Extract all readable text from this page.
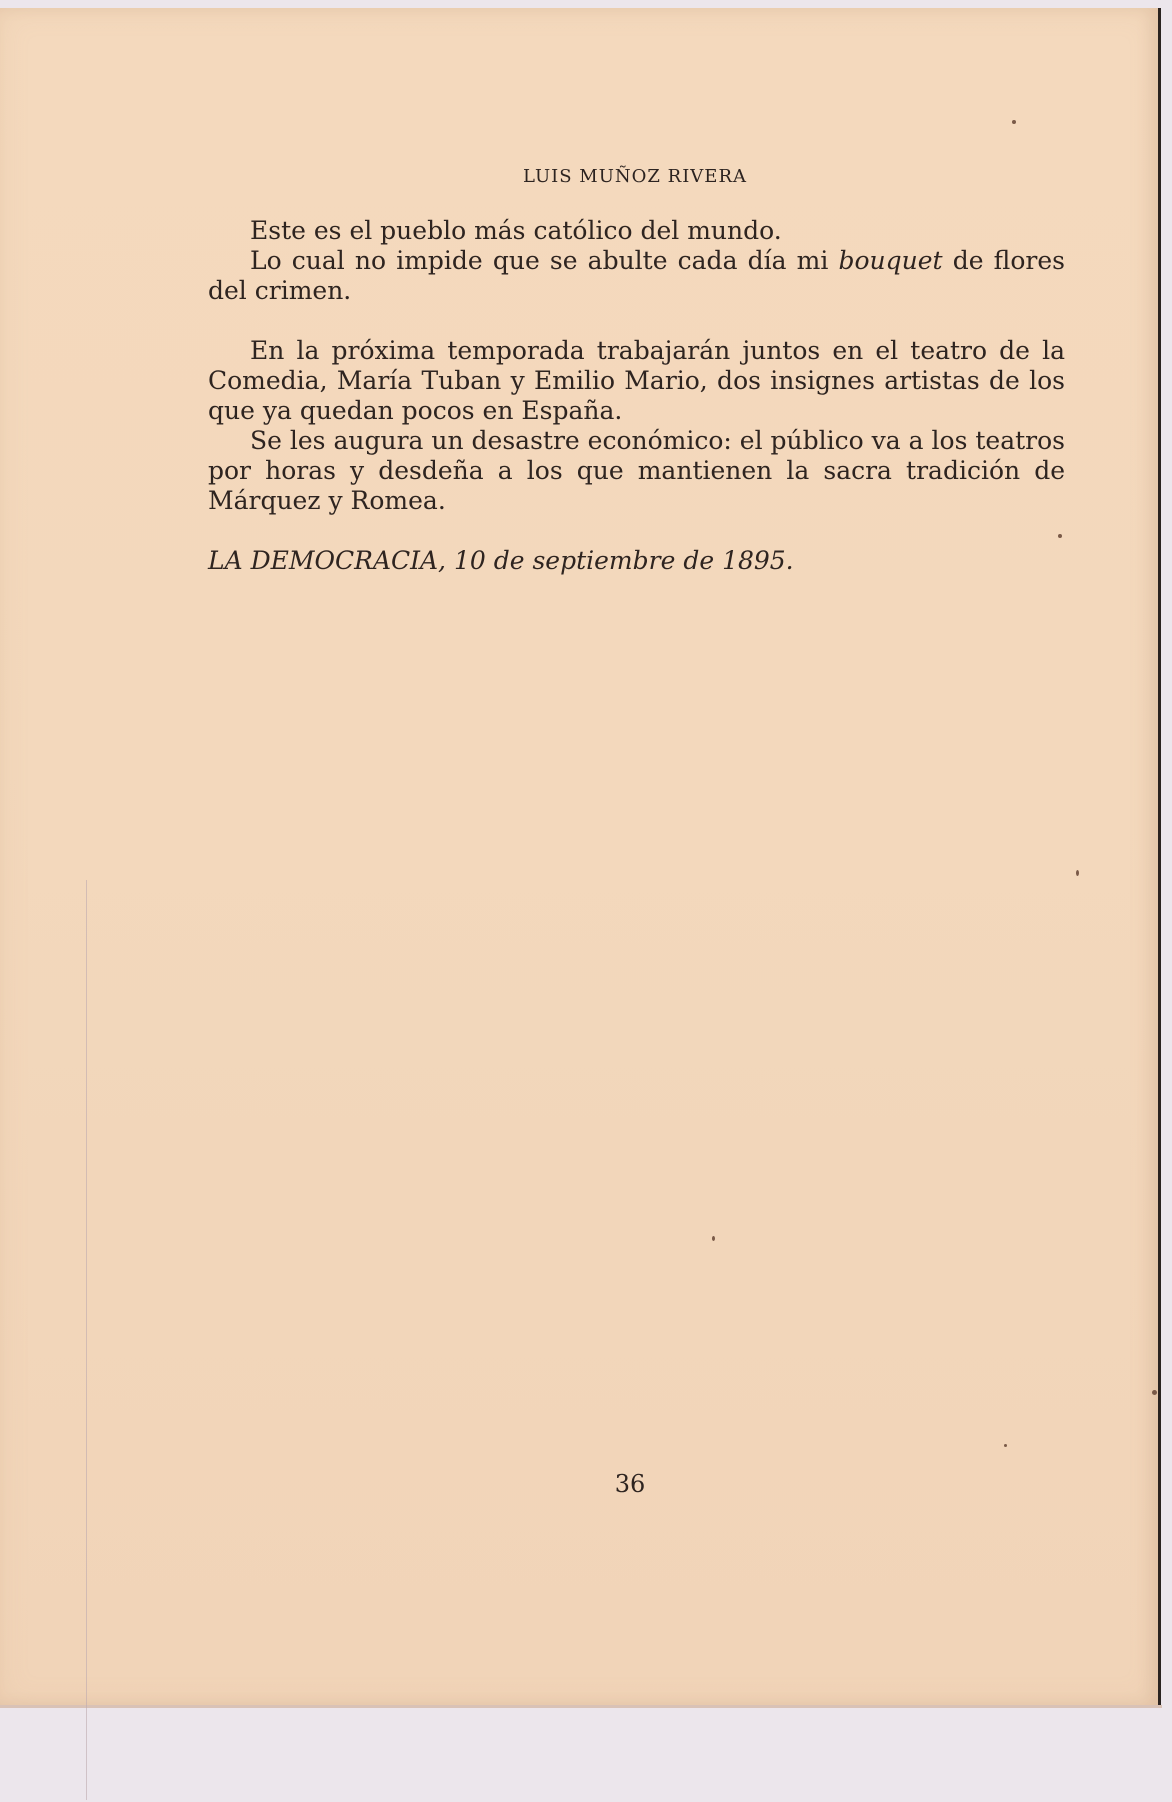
LUIS MUÑOZ RIVERA

Este es el pueblo más católico del mundo.

Lo cual no impide que se abulte cada día mi bouquet de flores del crimen.

En la próxima temporada trabajarán juntos en el teatro de la Comedia, María Tuban y Emilio Mario, dos insignes artistas de los que ya quedan pocos en España.

Se les augura un desastre económico: el público va a los teatros por horas y desdeña a los que mantienen la sacra tradición de Márquez y Romea.

LA DEMOCRACIA, 10 de septiembre de 1895.

36
